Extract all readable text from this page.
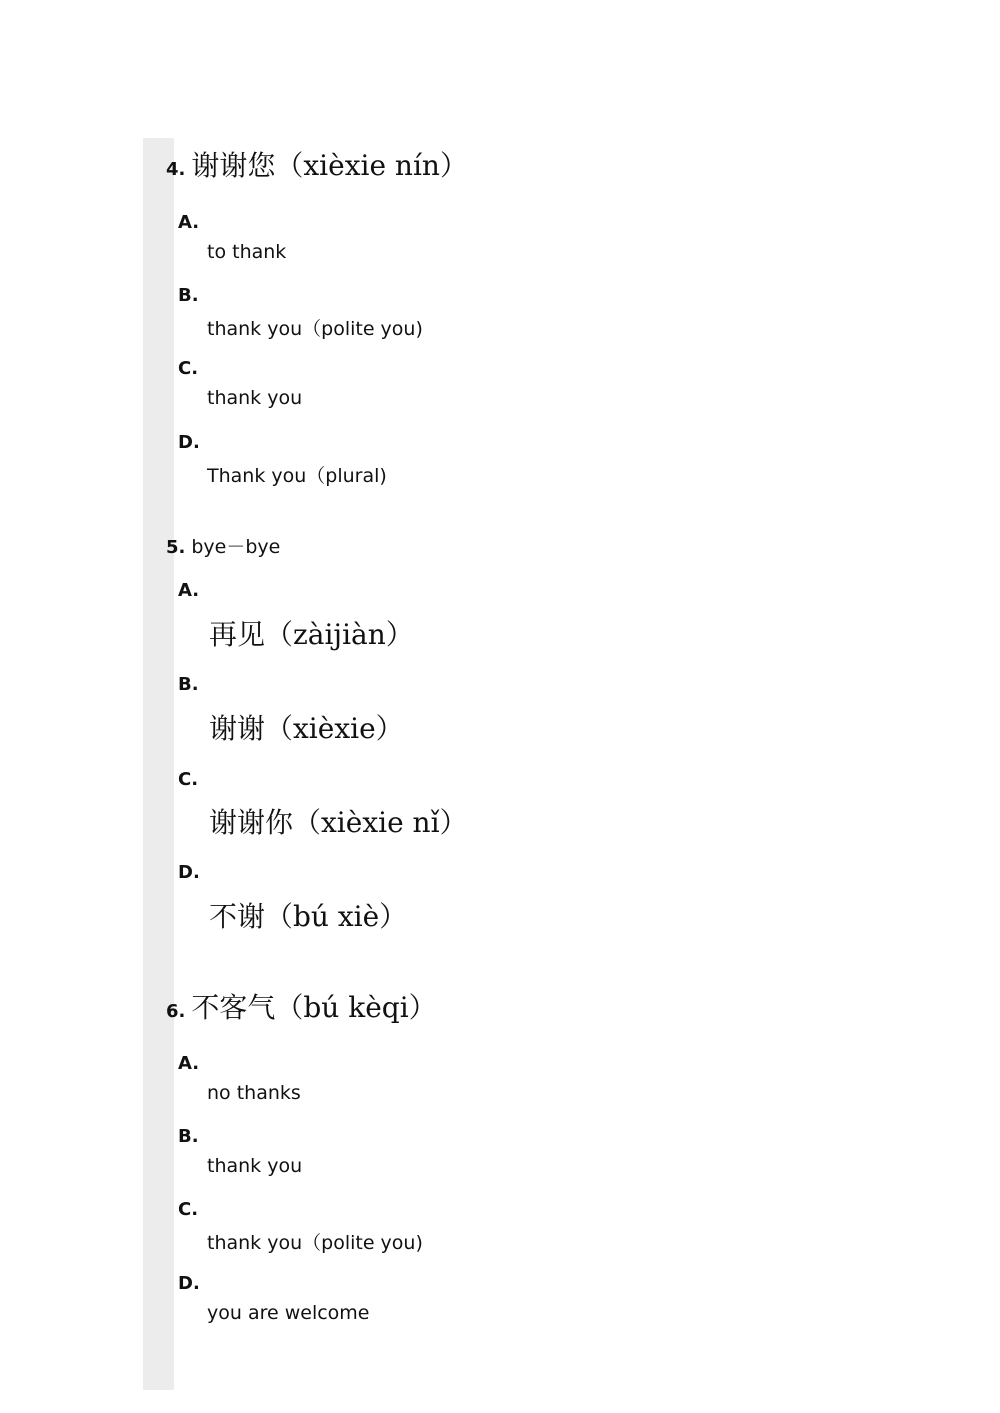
4. 谢谢您（xièxie nín）
A.
to thank
B.
thank you（polite you)
C.
thank you
D.
Thank you（plural)
5. bye－bye
A.
再见（zàijiàn）
B.
谢谢（xièxie）
C.
谢谢你（xièxie nǐ）
D.
不谢（bú xiè）
6. 不客气（bú kèqi）
A.
no thanks
B.
thank you
C.
thank you（polite you)
D.
you are welcome
